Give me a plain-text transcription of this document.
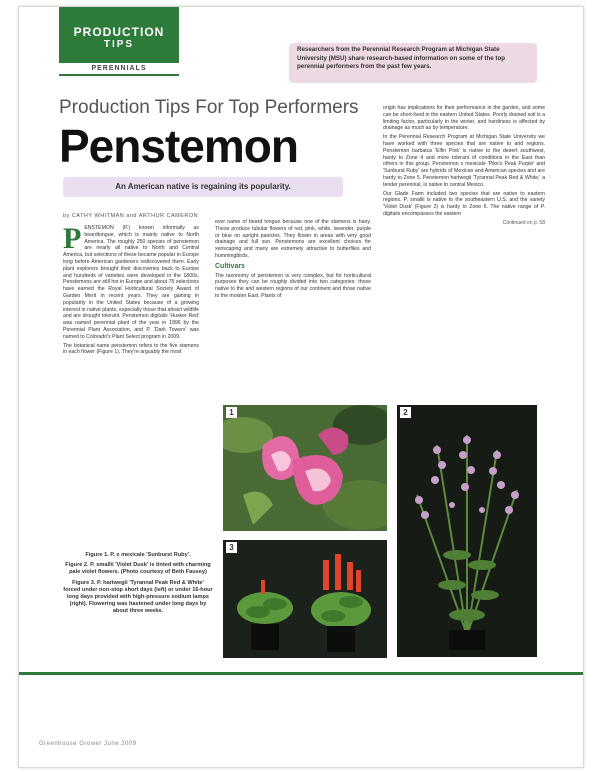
PRODUCTION
TIPS
PERENNIALS
Researchers from the Perennial Research Program at Michigan State University (MSU) share research-based information on some of the top perennial performers from the past few years.
Production Tips For Top Performers
Penstemon
An American native is regaining its popularity.
by CATHY WHITMAN and ARTHUR CAMERON

PENSTEMON (P.) known informally as beardtongue, which is mainly native to North America. The roughly 250 species of penstemon are nearly all native to North and Central America, but selections of these became popular in Europe long before American gardeners rediscovered them. Early plant explorers brought their discoveries back to Europe and hundreds of varieties were developed in the 1800s. Penstemons are still hot in Europe and about 75 selections have earned the Royal Horticultural Society Award of Garden Merit in recent years. They are gaining in popularity in the United States because of a growing interest in native plants, especially those that attract wildlife and are drought tolerant. Penstemon digitalis 'Husker Red' was named perennial plant of the year in 1996 by the Perennial Plant Association, and P. 'Dark Towers' was named to Colorado's Plant Select program in 2009.

The botanical name penstemon refers to the five stamens in each flower (Figure 1). They're arguably the most

ever name of beard tongue because one of the stamens is hairy. These produce tubular flowers of red, pink, white, lavender, purple or blue on upright panicles. They flower in areas with very good drainage and full sun. Penstemons are excellent choices for xeriscaping and many are extremely attractive to butterflies and hummingbirds.

Cultivars

The taxonomy of penstemon is very complex, but for horticultural purposes they can be roughly divided into two categories: those native to the arid western regions of our continent and those native to the moister East. Plants of

origin has implications for their performance in the garden, and some can be short-lived in the eastern United States. Poorly drained soil is a limiting factor, particularly in the winter, and hardiness is affected by drainage as much as by temperature.

In the Perennial Research Program at Michigan State University we have worked with three species that are native to arid regions. Penstemon barbatus 'Elfin Pink' is native to the desert southwest, hardy to Zone 4 and more tolerant of conditions in the East than others in this group. Penstemon x mexicale 'Pike's Peak Purple' and 'Sunburst Ruby' are hybrids of Mexican and American species and are hardy to Zone 5. Penstemon hartwegii 'Tyrannal Peak Red & White,' a tender perennial, is native to central Mexico.

Our Glade Farm included two species that are native to eastern regions. P. smallii is native to the southeastern U.S. and the variety 'Violet Dusk' (Figure 2) is hardy to Zone 6. The native range of P. digitalis encompasses the eastern

Continued on p. 58

Figure 1. P. x mexicale 'Sunburst Ruby'.

Figure 2. P. smallii 'Violet Dusk' is tinted with charming pale violet flowers. (Photo courtesy of Beth Fausey)

Figure 3. P. hartwegii 'Tyrannal Peak Red & White' forced under non-stop short days (left) or under 16-hour long days provided with high-pressure sodium lamps (right). Flowering was hastened under long days by about three weeks.

1	2
3
Greenhouse Grower June 2009
